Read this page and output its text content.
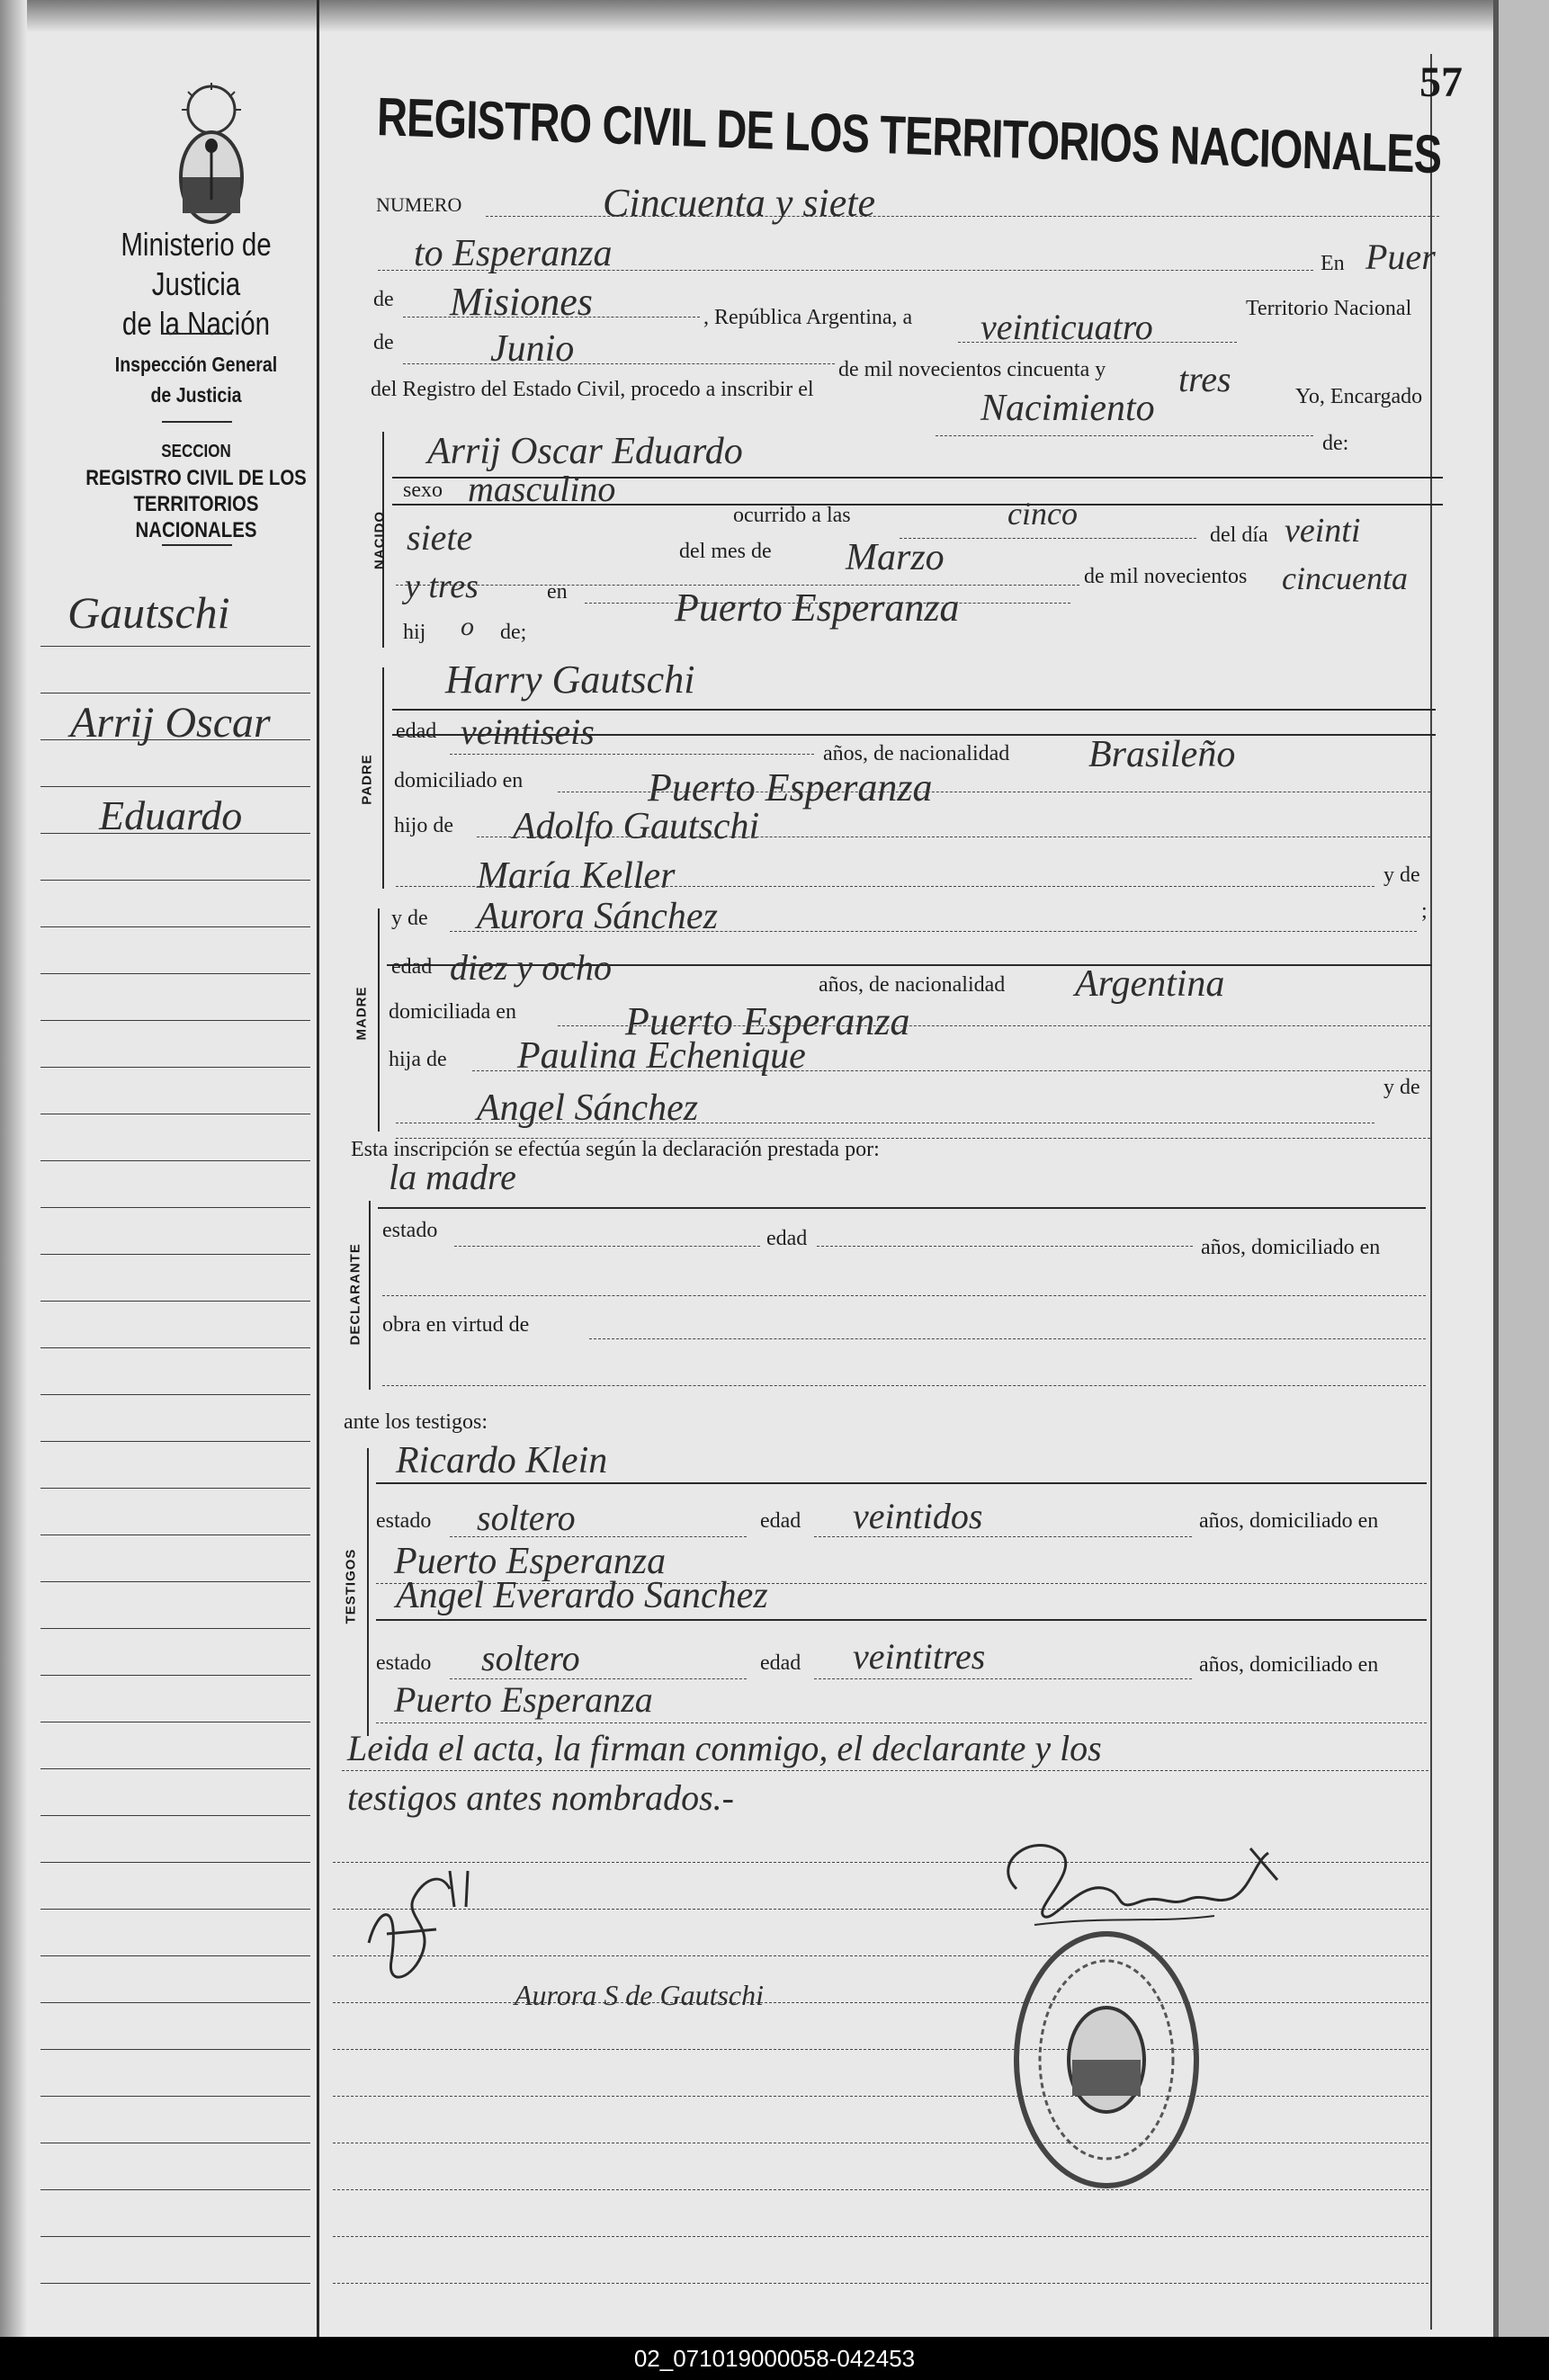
57
Ministerio de Justicia
de la Nación
Inspección General
de Justicia
SECCION
REGISTRO CIVIL DE LOS
TERRITORIOS NACIONALES
Gautschi
Arrij Oscar
Eduardo
REGISTRO CIVIL DE LOS TERRITORIOS NACIONALES
NUMERO	Cincuenta y siete
to Esperanza	En Puer
de Misiones	, República Argentina, a veinticuatro	Territorio Nacional
de	Junio	de mil novecientos cincuenta y tres	Yo, Encargado
del Registro del Estado Civil, procedo a inscribir el	Nacimiento
de:
NACIDO
Arrij Oscar Eduardo
sexo masculino
ocurrido a las	cinco
del día veinti
siete	del mes de Marzo	de mil novecientos cincuenta
y tres	en	Puerto Esperanza
hij o de;
PADRE
Harry Gautschi
edad veintiseis
años, de nacionalidad Brasileño
domiciliado en	Puerto Esperanza
hijo de Adolfo Gautschi
María Keller	y de
MADRE
y de Aurora Sánchez	;
edad diez y ocho	años, de nacionalidad Argentina
domiciliada en	Puerto Esperanza
hija de Paulina Echenique
Angel Sánchez	y de
Esta inscripción se efectúa según la declaración prestada por:
la madre
DECLARANTE
estado	edad	años, domiciliado en
obra en virtud de
ante los testigos:
TESTIGOS
Ricardo Klein
estado soltero	edad veintidos	años, domiciliado en
Puerto Esperanza
Angel Everardo Sanchez
estado soltero	edad veintitres	años, domiciliado en
Puerto Esperanza
Leida el acta, la firman conmigo, el declarante y los
testigos antes nombrados.-
Aurora S de Gautschi
02_071019000058-042453
